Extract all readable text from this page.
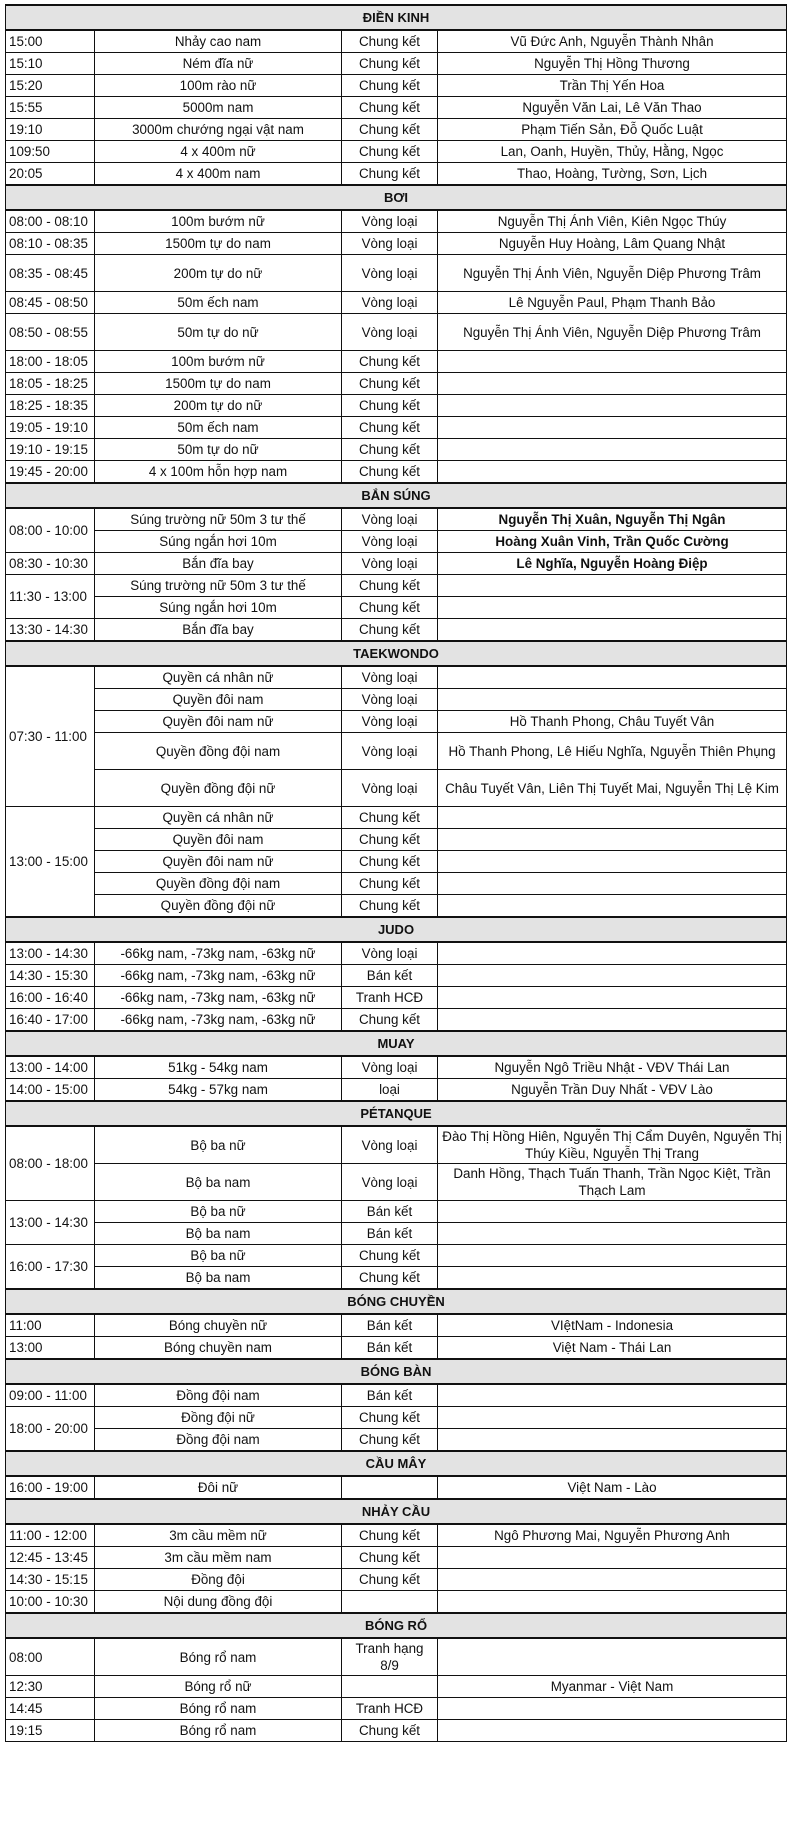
ĐIỀN KINH			
15:00	Nhảy cao nam	Chung kết	Vũ Đức Anh, Nguyễn Thành Nhân
15:10	Ném đĩa nữ	Chung kết	Nguyễn Thị Hồng Thương
15:20	100m rào nữ	Chung kết	Trần Thị Yến Hoa
15:55	5000m nam	Chung kết	Nguyễn Văn Lai, Lê Văn Thao
19:10	3000m chướng ngại vật nam	Chung kết	Phạm Tiến Sản, Đỗ Quốc Luật
109:50	4 x 400m nữ	Chung kết	Lan, Oanh, Huyền, Thủy, Hằng, Ngọc
20:05	4 x 400m nam	Chung kết	Thao, Hoàng, Tường, Sơn, Lịch
BƠI			
08:00 - 08:10	100m bướm nữ	Vòng loại	Nguyễn Thị Ánh Viên, Kiên Ngọc Thúy
08:10 - 08:35	1500m tự do nam	Vòng loại	Nguyễn Huy Hoàng, Lâm Quang Nhật
08:35 - 08:45	200m tự do nữ	Vòng loại	Nguyễn Thị Ánh Viên, Nguyễn Diệp Phương Trâm
08:45 - 08:50	50m ếch nam	Vòng loại	Lê Nguyễn Paul, Phạm Thanh Bảo
08:50 - 08:55	50m tự do nữ	Vòng loại	Nguyễn Thị Ánh Viên, Nguyễn Diệp Phương Trâm
18:00 - 18:05	100m bướm nữ	Chung kết	
18:05 - 18:25	1500m tự do nam	Chung kết	
18:25 - 18:35	200m tự do nữ	Chung kết	
19:05 - 19:10	50m ếch nam	Chung kết	
19:10 - 19:15	50m tự do nữ	Chung kết	
19:45 - 20:00	4 x 100m hỗn hợp nam	Chung kết	
BẮN SÚNG			
08:00 - 10:00	Súng trường nữ 50m 3 tư thế	Vòng loại	Nguyễn Thị Xuân, Nguyễn Thị Ngân
	Súng ngắn hơi 10m	Vòng loại	Hoàng Xuân Vinh, Trần Quốc Cường
08:30 - 10:30	Bắn đĩa bay	Vòng loại	Lê Nghĩa, Nguyễn Hoàng Điệp
11:30 - 13:00	Súng trường nữ 50m 3 tư thế	Chung kết	
	Súng ngắn hơi 10m	Chung kết	
13:30 - 14:30	Bắn đĩa bay	Chung kết	
TAEKWONDO			
07:30 - 11:00	Quyền cá nhân nữ	Vòng loại	
	Quyền đôi nam	Vòng loại	
	Quyền đôi nam nữ	Vòng loại	Hồ Thanh Phong, Châu Tuyết Vân
	Quyền đồng đội nam	Vòng loại	Hồ Thanh Phong, Lê Hiếu Nghĩa, Nguyễn Thiên Phụng
	Quyền đồng đội nữ	Vòng loại	Châu Tuyết Vân, Liên Thị Tuyết Mai, Nguyễn Thị Lệ Kim
13:00 - 15:00	Quyền cá nhân nữ	Chung kết	
	Quyền đôi nam	Chung kết	
	Quyền đôi nam nữ	Chung kết	
	Quyền đồng đội nam	Chung kết	
	Quyền đồng đội nữ	Chung kết	
JUDO			
13:00 - 14:30	-66kg nam, -73kg nam, -63kg nữ	Vòng loại	
14:30 - 15:30	-66kg nam, -73kg nam, -63kg nữ	Bán kết	
16:00 - 16:40	-66kg nam, -73kg nam, -63kg nữ	Tranh HCĐ	
16:40 - 17:00	-66kg nam, -73kg nam, -63kg nữ	Chung kết	
MUAY			
13:00 - 14:00	51kg - 54kg nam	Vòng loại	Nguyễn Ngô Triều Nhật - VĐV Thái Lan
14:00 - 15:00	54kg - 57kg nam	loại	Nguyễn Trần Duy Nhất - VĐV Lào
PÉTANQUE			
08:00 - 18:00	Bộ ba nữ	Vòng loại	Đào Thị Hồng Hiên, Nguyễn Thị Cẩm Duyên, Nguyễn Thị Thúy Kiều, Nguyễn Thị Trang
	Bộ ba nam	Vòng loại	Danh Hồng, Thạch Tuấn Thanh, Trần Ngọc Kiệt, Trần Thạch Lam
13:00 - 14:30	Bộ ba nữ	Bán kết	
	Bộ ba nam	Bán kết	
16:00 - 17:30	Bộ ba nữ	Chung kết	
	Bộ ba nam	Chung kết	
BÓNG CHUYỀN			
11:00	Bóng chuyền nữ	Bán kết	VIệtNam - Indonesia
13:00	Bóng chuyền nam	Bán kết	Việt Nam - Thái Lan
BÓNG BÀN			
09:00 - 11:00	Đồng đội nam	Bán kết	
18:00 - 20:00	Đồng đội nữ	Chung kết	
	Đồng đội nam	Chung kết	
CẦU MÂY			
16:00 - 19:00	Đôi nữ		Việt Nam - Lào
NHẢY CẦU			
11:00 - 12:00	3m cầu mềm nữ	Chung kết	Ngô Phương Mai, Nguyễn Phương Anh
12:45 - 13:45	3m cầu mềm nam	Chung kết	
14:30 - 15:15	Đồng đội	Chung kết	
10:00 - 10:30	Nội dung đồng đội		
BÓNG RỔ			
08:00	Bóng rổ nam	Tranh hạng 8/9	
12:30	Bóng rổ nữ		Myanmar - Việt Nam
14:45	Bóng rổ nam	Tranh HCĐ	
19:15	Bóng rổ nam	Chung kết	
